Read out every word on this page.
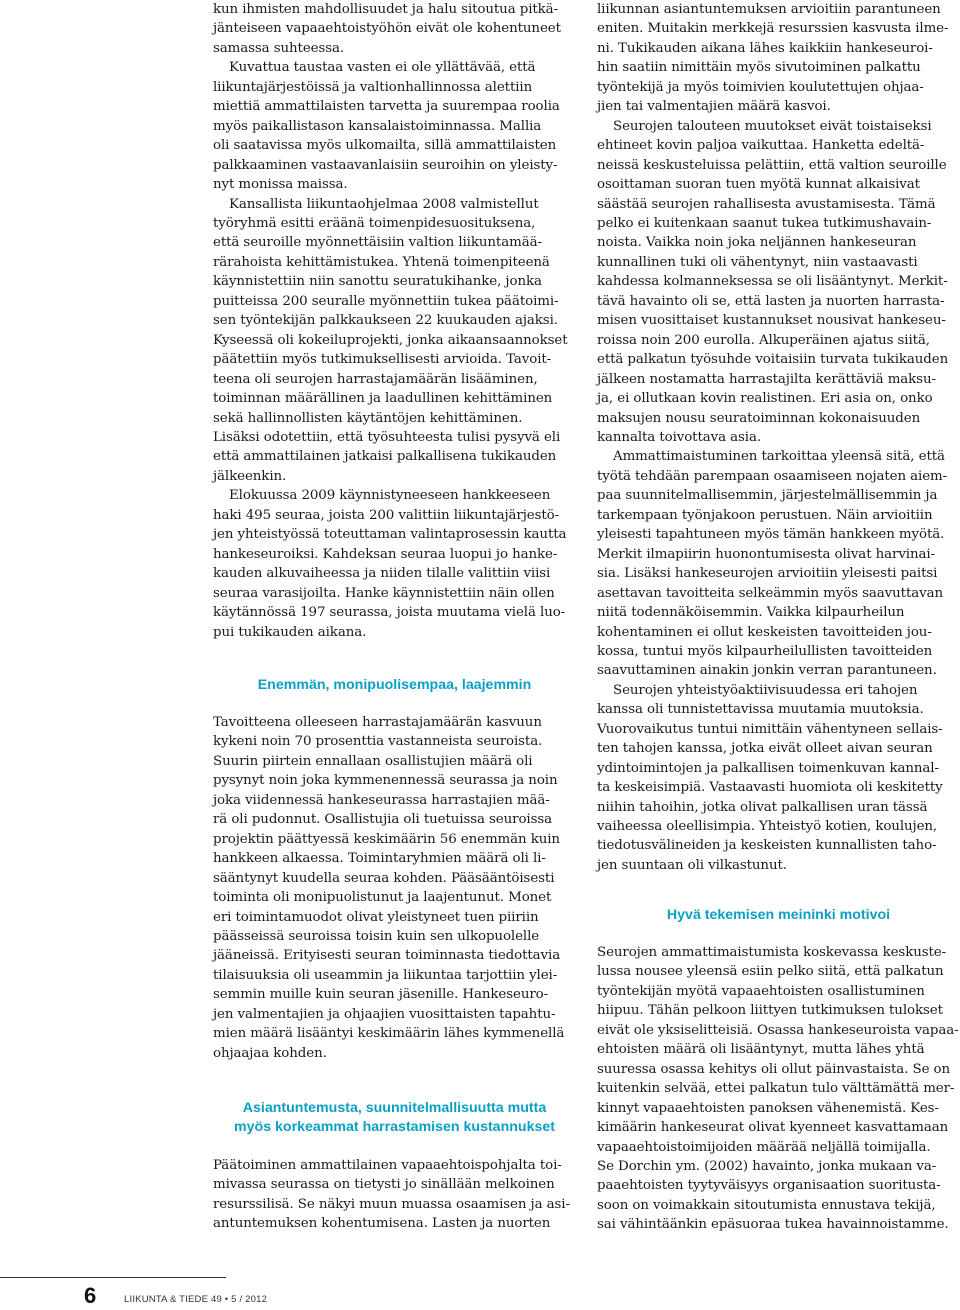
kun ihmisten mahdollisuudet ja halu sitoutua pitkä-
jänteiseen vapaaehtoistyöhön eivät ole kohentuneet
samassa suhteessa.

Kuvattua taustaa vasten ei ole yllättävää, että
liikuntajärjestöissä ja valtionhallinnossa alettiin
miettiä ammattilaisten tarvetta ja suurempaa roolia
myös paikallistason kansalaistoiminnassa. Mallia
oli saatavissa myös ulkomailta, sillä ammattilaisten
palkkaaminen vastaavanlaisiin seuroihin on yleisty-
nyt monissa maissa.

Kansallista liikuntaohjelmaa 2008 valmistellut
työryhmä esitti eräänä toimenpidesuosituksena,
että seuroille myönnettäisiin valtion liikuntamää-
rärahoista kehittämistukea. Yhtenä toimenpiteenä
käynnistettiin niin sanottu seuratukihanke, jonka
puitteissa 200 seuralle myönnettiin tukea päätoimi-
sen työntekijän palkkaukseen 22 kuukauden ajaksi.
Kyseessä oli kokeiluprojekti, jonka aikaansaannokset
päätettiin myös tutkimuksellisesti arvioida. Tavoit-
teena oli seurojen harrastajamäärän lisääminen,
toiminnan määrällinen ja laadullinen kehittäminen
sekä hallinnollisten käytäntöjen kehittäminen.
Lisäksi odotettiin, että työsuhteesta tulisi pysyvä eli
että ammattilainen jatkaisi palkallisena tukikauden
jälkeenkin.

Elokuussa 2009 käynnistyneeseen hankkeeseen
haki 495 seuraa, joista 200 valittiin liikuntajärjestö-
jen yhteistyössä toteuttaman valintaprosessin kautta
hankeseuroiksi. Kahdeksan seuraa luopui jo hanke-
kauden alkuvaiheessa ja niiden tilalle valittiin viisi
seuraa varasijoilta. Hanke käynnistettiin näin ollen
käytännössä 197 seurassa, joista muutama vielä luo-
pui tukikauden aikana.

Enemmän, monipuolisempaa, laajemmin

Tavoitteena olleeseen harrastajamäärän kasvuun
kykeni noin 70 prosenttia vastanneista seuroista.
Suurin piirtein ennallaan osallistujien määrä oli
pysynyt noin joka kymmenennessä seurassa ja noin
joka viidennessä hankeseurassa harrastajien mää-
rä oli pudonnut. Osallistujia oli tuetuissa seuroissa
projektin päättyessä keskimäärin 56 enemmän kuin
hankkeen alkaessa. Toimintaryhmien määrä oli li-
sääntynyt kuudella seuraa kohden. Pääsääntöisesti
toiminta oli monipuolistunut ja laajentunut. Monet
eri toimintamuodot olivat yleistyneet tuen piiriin
päässeissä seuroissa toisin kuin sen ulkopuolelle
jääneissä. Erityisesti seuran toiminnasta tiedottavia
tilaisuuksia oli useammin ja liikuntaa tarjottiin ylei-
semmin muille kuin seuran jäsenille. Hankeseuro-
jen valmentajien ja ohjaajien vuosittaisten tapahtu-
mien määrä lisääntyi keskimäärin lähes kymmenellä
ohjaajaa kohden.

Asiantuntemusta, suunnitelmallisuutta mutta
myös korkeammat harrastamisen kustannukset

Päätoiminen ammattilainen vapaaehtoispohjalta toi-
mivassa seurassa on tietysti jo sinällään melkoinen
resurssilisä. Se näkyi muun muassa osaamisen ja asi-
antuntemuksen kohentumisena. Lasten ja nuorten

liikunnan asiantuntemuksen arvioitiin parantuneen
eniten. Muitakin merkkejä resurssien kasvusta ilme-
ni. Tukikauden aikana lähes kaikkiin hankeseuroi-
hin saatiin nimittäin myös sivutoiminen palkattu
työntekijä ja myös toimivien koulutettujen ohjaa-
jien tai valmentajien määrä kasvoi.

Seurojen talouteen muutokset eivät toistaiseksi
ehtineet kovin paljoa vaikuttaa. Hanketta edeltä-
neissä keskusteluissa pelättiin, että valtion seuroille
osoittaman suoran tuen myötä kunnat alkaisivat
säästää seurojen rahallisesta avustamisesta. Tämä
pelko ei kuitenkaan saanut tukea tutkimushavain-
noista. Vaikka noin joka neljännen hankeseuran
kunnallinen tuki oli vähentynyt, niin vastaavasti
kahdessa kolmanneksessa se oli lisääntynyt. Merkit-
tävä havainto oli se, että lasten ja nuorten harrasta-
misen vuosittaiset kustannukset nousivat hankeseu-
roissa noin 200 eurolla. Alkuperäinen ajatus siitä,
että palkatun työsuhde voitaisiin turvata tukikauden
jälkeen nostamatta harrastajilta kerättäviä maksu-
ja, ei ollutkaan kovin realistinen. Eri asia on, onko
maksujen nousu seuratoiminnan kokonaisuuden
kannalta toivottava asia.

Ammattimaistuminen tarkoittaa yleensä sitä, että
työtä tehdään parempaan osaamiseen nojaten aiem-
paa suunnitelmallisemmin, järjestelmällisemmin ja
tarkempaan työnjakoon perustuen. Näin arvioitiin
yleisesti tapahtuneen myös tämän hankkeen myötä.
Merkit ilmapiirin huonontumisesta olivat harvinai-
sia. Lisäksi hankeseurojen arvioitiin yleisesti paitsi
asettavan tavoitteita selkeämmin myös saavuttavan
niitä todennäköisemmin. Vaikka kilpaurheilun
kohentaminen ei ollut keskeisten tavoitteiden jou-
kossa, tuntui myös kilpaurheilullisten tavoitteiden
saavuttaminen ainakin jonkin verran parantuneen.

Seurojen yhteistyöaktiivisuudessa eri tahojen
kanssa oli tunnistettavissa muutamia muutoksia.
Vuorovaikutus tuntui nimittäin vähentyneen sellais-
ten tahojen kanssa, jotka eivät olleet aivan seuran
ydintoimintojen ja palkallisen toimenkuvan kannal-
ta keskeisimpiä. Vastaavasti huomiota oli keskitetty
niihin tahoihin, jotka olivat palkallisen uran tässä
vaiheessa oleellisimpia. Yhteistyö kotien, koulujen,
tiedotusvälineiden ja keskeisten kunnallisten taho-
jen suuntaan oli vilkastunut.

Hyvä tekemisen meininki motivoi

Seurojen ammattimaistumista koskevassa keskuste-
lussa nousee yleensä esiin pelko siitä, että palkatun
työntekijän myötä vapaaehtoisten osallistuminen
hiipuu. Tähän pelkoon liittyen tutkimuksen tulokset
eivät ole yksiselitteisiä. Osassa hankeseuroista vapaa-
ehtoisten määrä oli lisääntynyt, mutta lähes yhtä
suuressa osassa kehitys oli ollut päinvastaista. Se on
kuitenkin selvää, ettei palkatun tulo välttämättä mer-
kinnyt vapaaehtoisten panoksen vähenemistä. Kes-
kimäärin hankeseurat olivat kyenneet kasvattamaan
vapaaehtoistoimijoiden määrää neljällä toimijalla.
Se Dorchin ym. (2002) havainto, jonka mukaan va-
paaehtoisten tyytyväisyys organisaation suoritusta-
soon on voimakkain sitoutumista ennustava tekijä,
sai vähintäänkin epäsuoraa tukea havainnoistamme.

6	LIIKUNTA & TIEDE 49 • 5 / 2012
